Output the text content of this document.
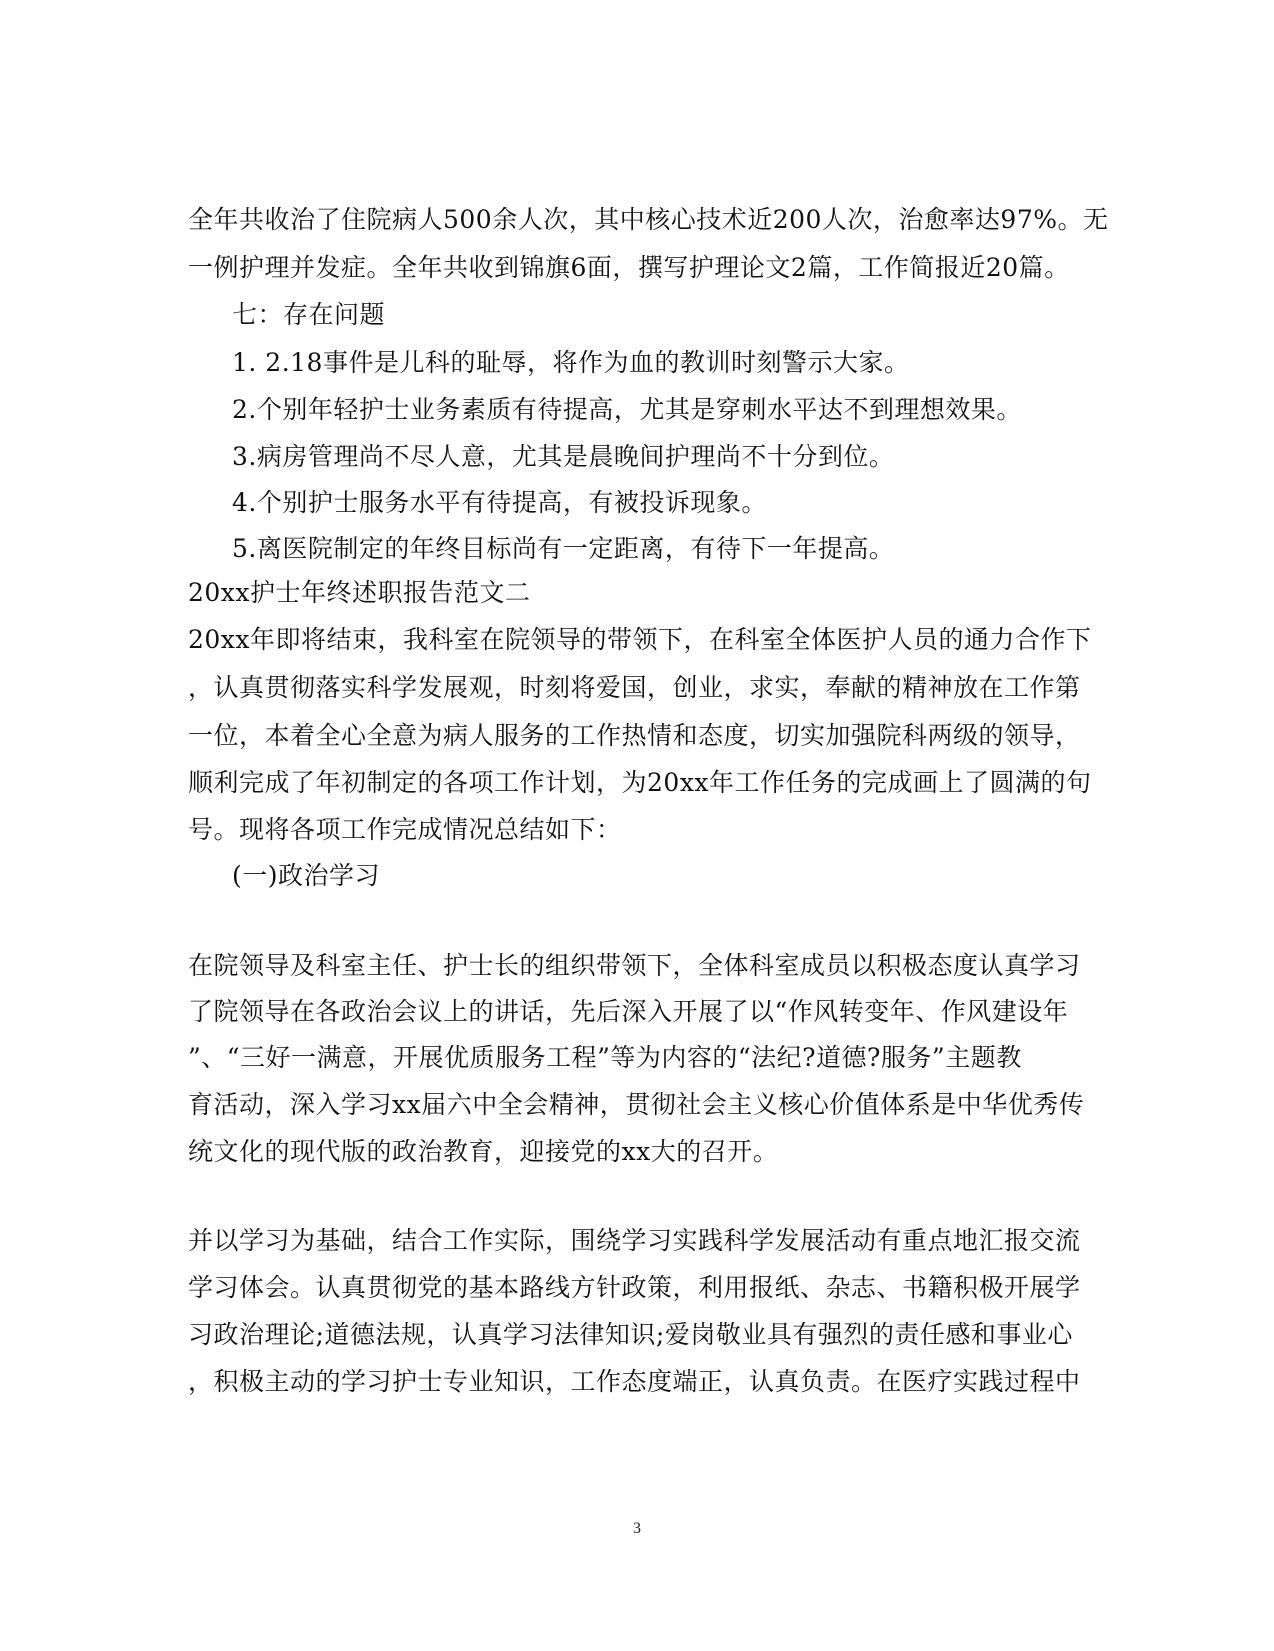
全年共收治了住院病人500余人次，其中核心技术近200人次，治愈率达97%。无
一例护理并发症。全年共收到锦旗6面，撰写护理论文2篇，工作简报近20篇。
七：存在问题
1. 2.18事件是儿科的耻辱，将作为血的教训时刻警示大家。
2.个别年轻护士业务素质有待提高，尤其是穿刺水平达不到理想效果。
3.病房管理尚不尽人意，尤其是晨晚间护理尚不十分到位。
4.个别护士服务水平有待提高，有被投诉现象。
5.离医院制定的年终目标尚有一定距离，有待下一年提高。
20xx护士年终述职报告范文二
20xx年即将结束，我科室在院领导的带领下，在科室全体医护人员的通力合作下
，认真贯彻落实科学发展观，时刻将爱国，创业，求实，奉献的精神放在工作第
一位，本着全心全意为病人服务的工作热情和态度，切实加强院科两级的领导，
顺利完成了年初制定的各项工作计划，为20xx年工作任务的完成画上了圆满的句
号。现将各项工作完成情况总结如下：
(一)政治学习
在院领导及科室主任、护士长的组织带领下，全体科室成员以积极态度认真学习
了院领导在各政治会议上的讲话，先后深入开展了以“作风转变年、作风建设年
”、“三好一满意，开展优质服务工程”等为内容的“法纪?道德?服务”主题教
育活动，深入学习xx届六中全会精神，贯彻社会主义核心价值体系是中华优秀传
统文化的现代版的政治教育，迎接党的xx大的召开。
并以学习为基础，结合工作实际，围绕学习实践科学发展活动有重点地汇报交流
学习体会。认真贯彻党的基本路线方针政策，利用报纸、杂志、书籍积极开展学
习政治理论;道德法规，认真学习法律知识;爱岗敬业具有强烈的责任感和事业心
，积极主动的学习护士专业知识，工作态度端正，认真负责。在医疗实践过程中
3
